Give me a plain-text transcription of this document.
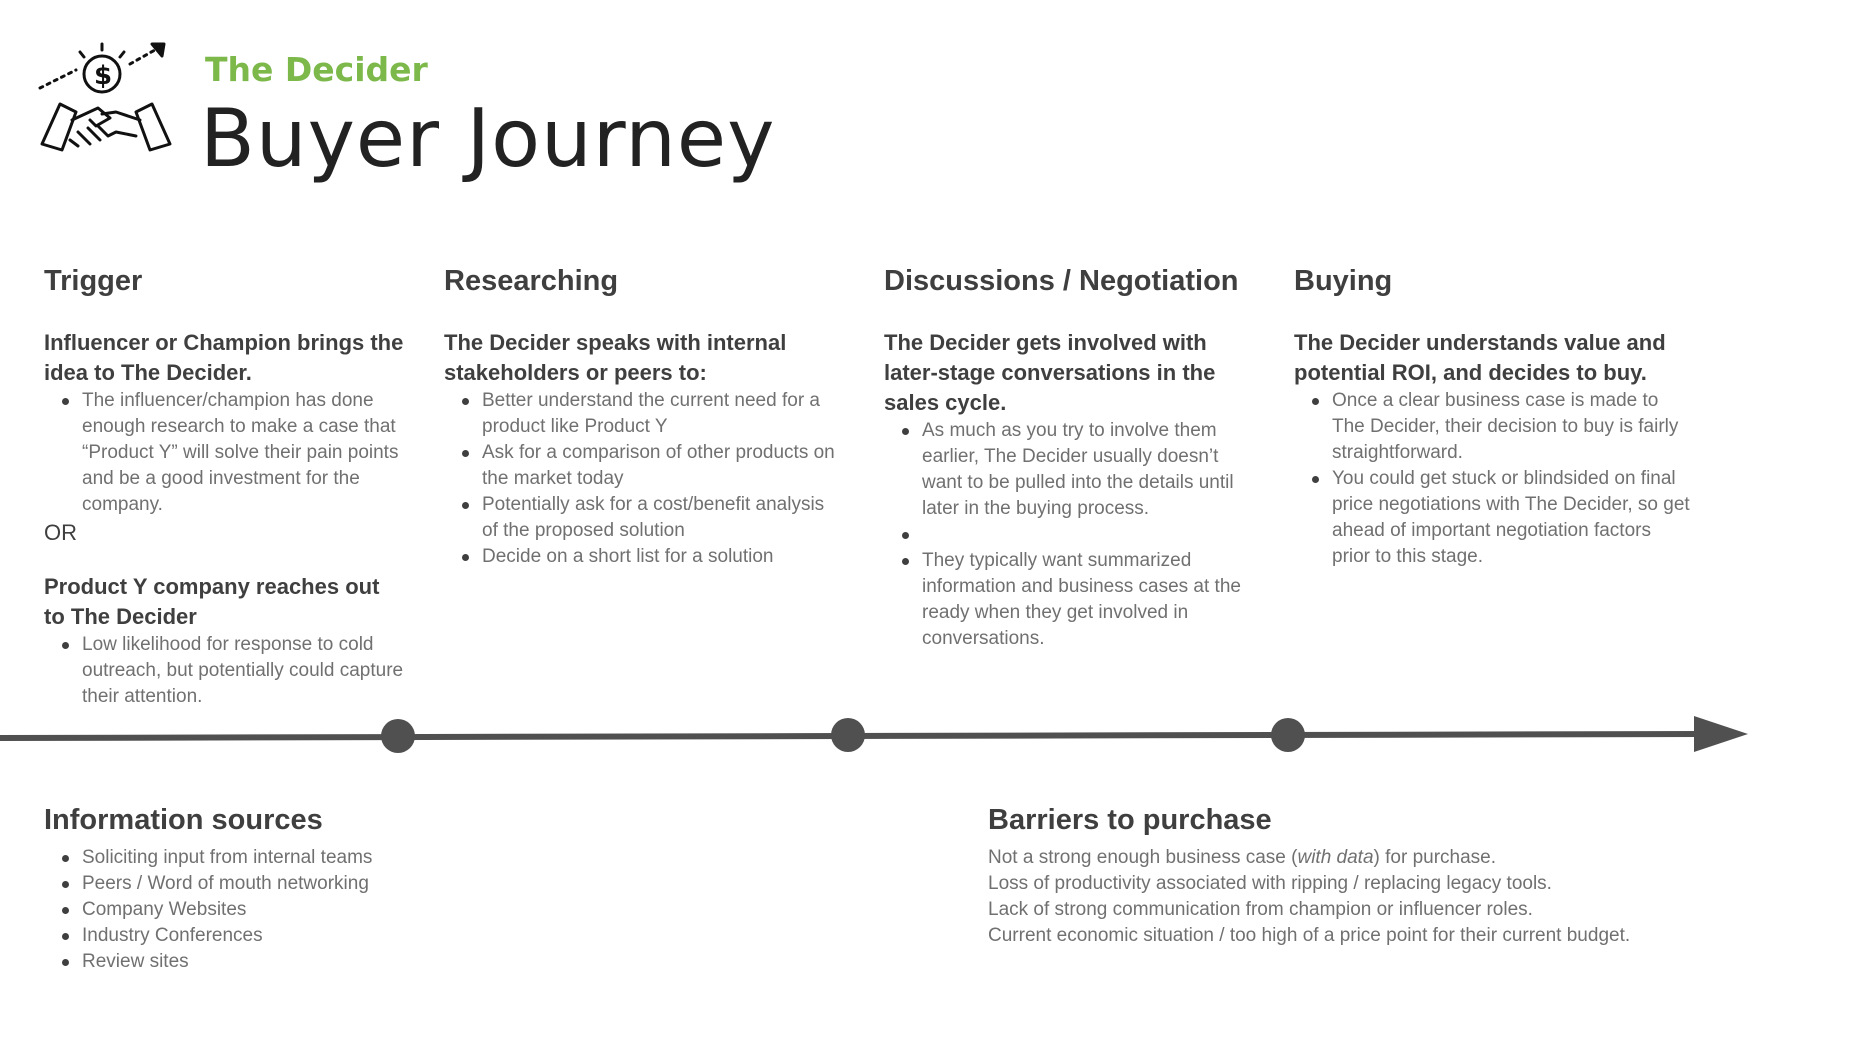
$	The Decider
Buyer Journey
Trigger

Influencer or Champion brings the idea to The Decider.

The influencer/champion has done enough research to make a case that “Product Y” will solve their pain points and be a good investment for the company.
OR

Product Y company reaches out to The Decider

Low likelihood for response to cold outreach, but potentially could capture their attention.
Researching

The Decider speaks with internal stakeholders or peers to:

Better understand the current need for a product like Product Y
Ask for a comparison of other products on the market today
Potentially ask for a cost/benefit analysis of the proposed solution
Decide on a short list for a solution
Discussions / Negotiation

The Decider gets involved with later-stage conversations in the sales cycle.

As much as you try to involve them earlier, The Decider usually doesn’t want to be pulled into the details until later in the buying process.
They typically want summarized information and business cases at the ready when they get involved in conversations.
Buying

The Decider understands value and potential ROI, and decides to buy.

Once a clear business case is made to The Decider, their decision to buy is fairly straightforward.
You could get stuck or blindsided on final price negotiations with The Decider, so get ahead of important negotiation factors prior to this stage.
Information sources
Soliciting input from internal teams
Peers / Word of mouth networking
Company Websites
Industry Conferences
Review sites
Barriers to purchase

Not a strong enough business case (with data) for purchase.

Loss of productivity associated with ripping / replacing legacy tools.

Lack of strong communication from champion or influencer roles.

Current economic situation / too high of a price point for their current budget.
